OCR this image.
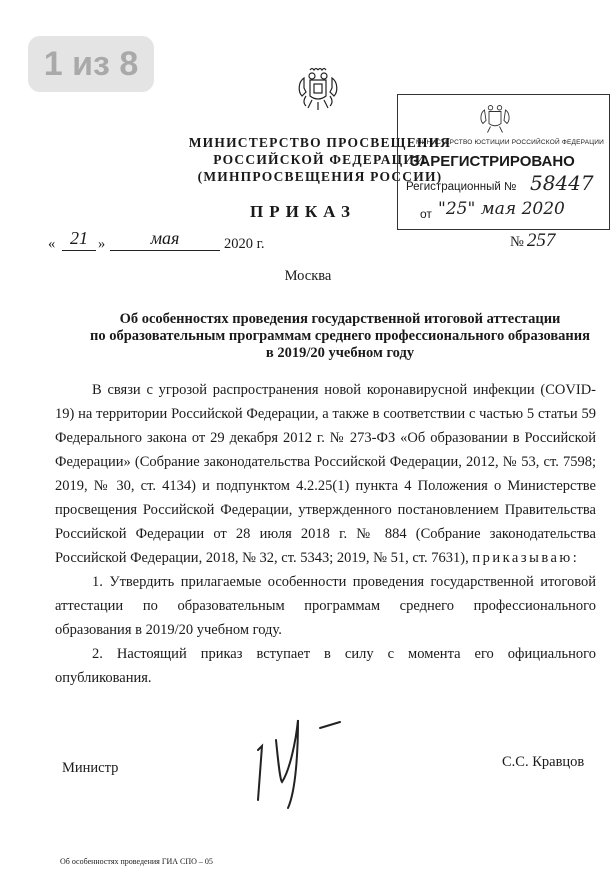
1 из 8
МИНИСТЕРСТВО ПРОСВЕЩЕНИЯ
РОССИЙСКОЙ ФЕДЕРАЦИИ
(МИНПРОСВЕЩЕНИЯ РОССИИ)
ПРИКАЗ
МИНИСТЕРСТВО ЮСТИЦИИ РОССИЙСКОЙ ФЕДЕРАЦИИ
ЗАРЕГИСТРИРОВАНО
Регистрационный № 58447
от "25" мая 2020
« 21 »	мая	2020 г.	№ 257
Москва
Об особенностях проведения государственной итоговой аттестации
по образовательным программам среднего профессионального образования
в 2019/20 учебном году

В связи с угрозой распространения новой коронавирусной инфекции (COVID-19) на территории Российской Федерации, а также в соответствии с частью 5 статьи 59 Федерального закона от 29 декабря 2012 г. № 273-ФЗ «Об образовании в Российской Федерации» (Собрание законодательства Российской Федерации, 2012, № 53, ст. 7598; 2019, № 30, ст. 4134) и подпунктом 4.2.25(1) пункта 4 Положения о Министерстве просвещения Российской Федерации, утвержденного постановлением Правительства Российской Федерации от 28 июля 2018 г. № 884 (Собрание законодательства Российской Федерации, 2018, № 32, ст. 5343; 2019, № 51, ст. 7631), приказываю:

1. Утвердить прилагаемые особенности проведения государственной итоговой аттестации по образовательным программам среднего профессионального образования в 2019/20 учебном году.

2. Настоящий приказ вступает в силу с момента его официального опубликования.

Министр	С.С. Кравцов
Об особенностях проведения ГИА СПО – 05
